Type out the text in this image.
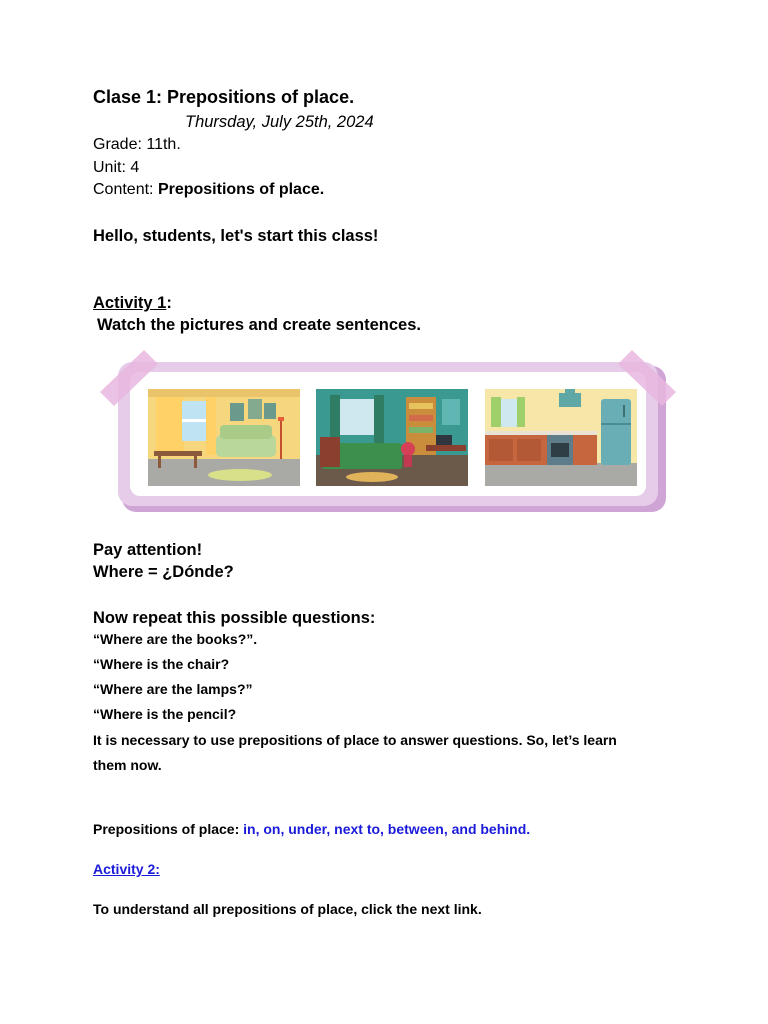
Clase 1: Prepositions of place.
Thursday, July 25th, 2024
Grade: 11th.
Unit: 4
Content: Prepositions of place.
Hello, students, let's start this class!
Activity 1:
Watch the pictures and create sentences.
Pay attention!
Where = ¿Dónde?
Now repeat this possible questions:
“Where are the books?”.
“Where is the chair?
“Where are the lamps?”
“Where is the pencil?
It is necessary to use prepositions of place to answer questions. So, let’s learn
them now.
Prepositions of place: in, on, under, next to, between, and behind.
Activity 2:
To understand all prepositions of place, click the next link.
